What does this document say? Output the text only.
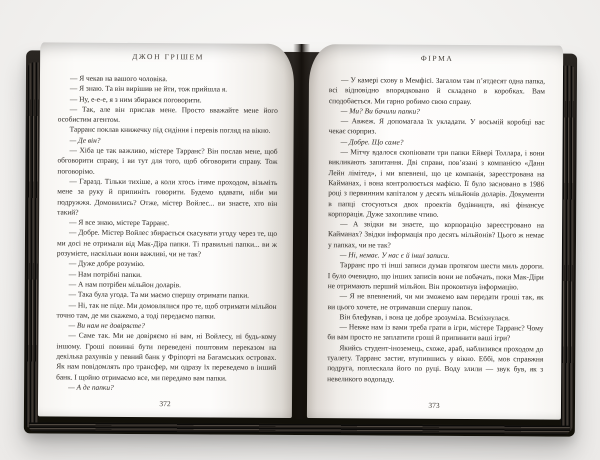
ДЖОН ГРІШЕМ

— Я чекав на вашого чоловіка.

— Я знаю. Та він вирішив не йти, тож прийшла я.

— Ну, е-е-е, я з ним збирався поговорити.

— Так, але він прислав мене. Просто вважайте мене його особистим агентом.

Тарранс поклав книжечку під сидіння і перевів погляд на вікно.

— Де він?

— Хіба це так важливо, містере Тарранс? Він послав мене, щоб обговорити справу, і ви тут для того, щоб обговорити справу. Тож поговорімо.

— Гаразд. Тільки тихіше, а коли хтось ітиме проходом, візьміть мене за руку й припиніть говорити. Будемо вдавати, ніби ми подружжя. Домовились? Отже, містер Войлес... ви знаєте, хто він такий?

— Я все знаю, містере Тарранс.

— Добре. Містер Войлес збирається скасувати угоду через те, що ми досі не отримали від Мак-Діра папки. Ті правильні папки... ви ж розумієте, наскільки вони важливі, чи не так?

— Дуже добре розумію.

— Нам потрібні папки.

— А нам потрібен мільйон доларів.

— Така була угода. Та ми маємо спершу отримати папки.

— Ні, так не піде. Ми домовлялися про те, щоб отримати мільйон точно там, де ми скажемо, а тоді передаємо папки.

— Ви нам не довіряєте?

— Саме так. Ми не довіряємо ні вам, ні Войлесу, ні будь-кому іншому. Гроші повинні бути переведені поштовим переказом на декілька рахунків у певний банк у Фріпорті на Багамських островах. Як нам повідомлять про трансфер, ми одразу їх переведемо в інший банк. І щойно отримаємо все, ми передамо вам папки.

— А де папки?

372
ФІРМА

— У камері схову в Мемфісі. Загалом там п’ятдесят одна папка, всі відповідно впорядковано й складено в коробках. Вам сподобається. Ми гарно робимо свою справу.

— Ми? Ви бачили папки?

— Авжеж. Я допомагала їх укладати. У восьмій коробці вас чекає сюрприз.

— Добре. Що саме?

— Мітчу вдалося скопіювати три папки Ейвері Толлара, і вони викликають запитання. Дві справи, пов’язані з компанією «Данн Лейн лімітед», і ми впевнені, що це компанія, зареєстрована на Кайманах, і вона контролюється мафією. Її було засновано в 1986 році з первинним капіталом у десять мільйонів доларів. Документи в папці стосуються двох проектів будівництв, які фінансує корпорація. Дуже захопливе чтиво.

— А звідки ви знаєте, що корпорацію зареєстровано на Кайманах? Звідки інформація про десять мільйонів? Цього ж немає у папках, чи не так?

— Ні, немає. У нас є й інші записи.

Тарранс про ті інші записи думав протягом шести миль дороги. І було очевидно, що інших записів вони не побачать, поки Мак-Діри не отримають перший мільйон. Він проковтнув інформацію.

— Я не впевнений, чи ми зможемо вам передати гроші так, як ви цього хочете, не отримавши спершу папок.

Він блефував, і вона це добре зрозуміла. Всміхнулася.

— Невже нам із вами треба грати в ігри, містере Тарранс? Чому би вам просто не заплатити гроші й припинити ваші ігри?

Якийсь студент-іноземець, схоже, араб, наблизився проходом до туалету. Тарранс застиг, втупившись у вікно. Еббі, мов справжня подруга, поплескала його по руці. Воду злили — звук був, як з невеликого водопаду.

373
